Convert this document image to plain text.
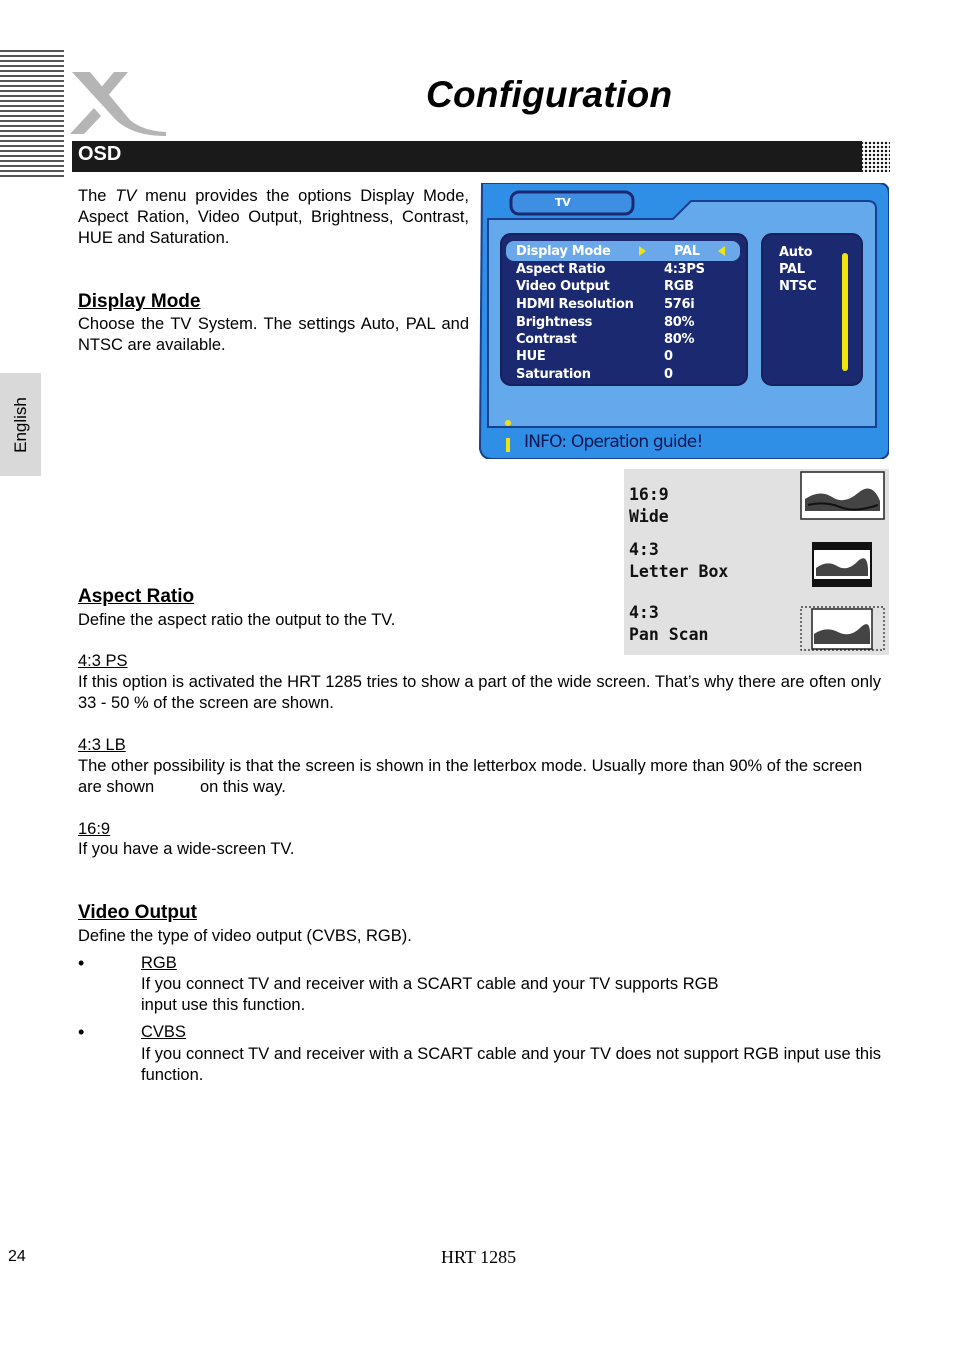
Configuration
OSD
English
The TV menu provides the options Display Mode, Aspect Ration, Video Output, Brightness, Contrast, HUE and Saturation.
Display Mode
Choose the TV System. The settings Auto, PAL and NTSC are available.
TV
Display Mode	PAL
Aspect Ratio	4:3PS
Video Output	RGB
HDMI Resolution 576i
Brightness	80%
Contrast	80%
HUE	0
Saturation	0
Auto
PAL
NTSC
INFO: Operation guide!
16:9
Wide
4:3
Letter Box
4:3
Pan Scan
Aspect Ratio
Define the aspect ratio the output to the TV.
4:3 PS
If this option is activated the HRT 1285 tries to show a part of the wide screen. That’s why there are often only 33 - 50 % of the screen are shown.
4:3 LB
The other possibility is that the screen is shown in the letterbox mode. Usually more than 90% of the screen are shown          on this way.
16:9
If you have a wide-screen TV.
Video Output
Define the type of video output (CVBS, RGB).
•	RGB
If you connect TV and receiver with a SCART cable and your TV supports RGB
input use this function.
•	CVBS
If you connect TV and receiver with a SCART cable and your TV does not support RGB input use this function.
24	HRT 1285
